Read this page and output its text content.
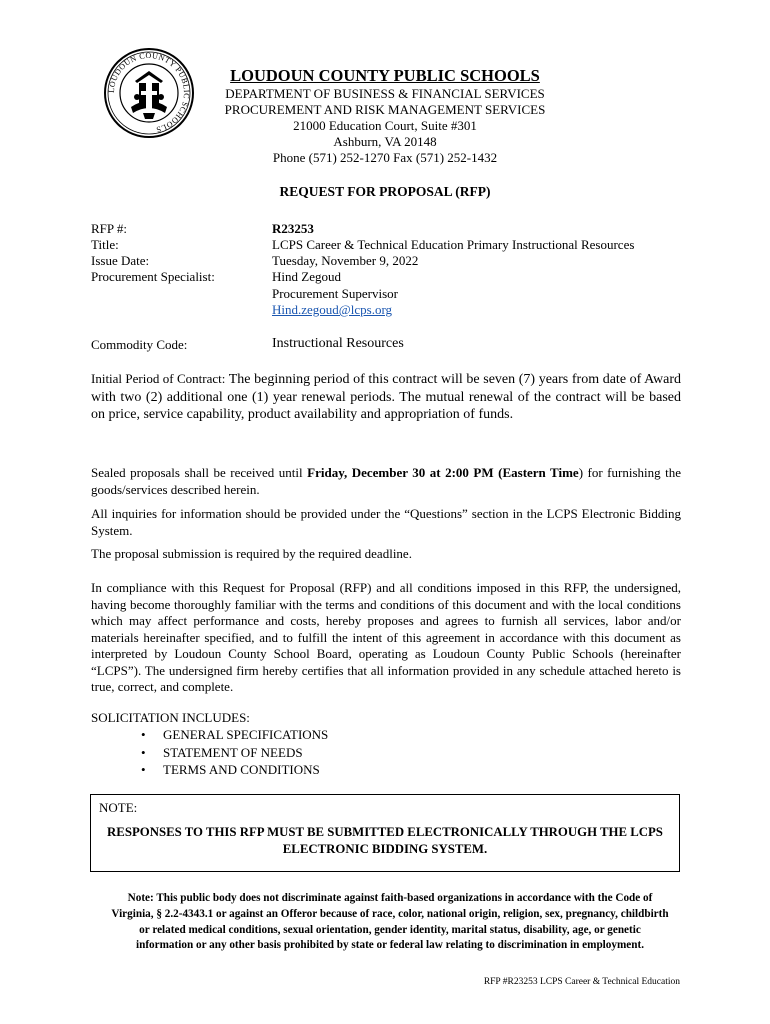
LOUDOUN COUNTY PUBLIC SCHOOLS
LOUDOUN COUNTY PUBLIC SCHOOLS
DEPARTMENT OF BUSINESS & FINANCIAL SERVICES
PROCUREMENT AND RISK MANAGEMENT SERVICES
21000 Education Court, Suite #301
Ashburn, VA 20148
Phone (571) 252-1270 Fax (571) 252-1432
REQUEST FOR PROPOSAL (RFP)
RFP #:	R23253
Title:	LCPS Career & Technical Education Primary Instructional Resources
Issue Date:	Tuesday, November 9, 2022
Procurement Specialist:	Hind Zegoud
Procurement Supervisor
Hind.zegoud@lcps.org
Commodity Code:	Instructional Resources
Initial Period of Contract: The beginning period of this contract will be seven (7) years from date of Award with two (2) additional one (1) year renewal periods. The mutual renewal of the contract will be based on price, service capability, product availability and appropriation of funds.
Sealed proposals shall be received until Friday, December 30 at 2:00 PM (Eastern Time) for furnishing the goods/services described herein.
All inquiries for information should be provided under the “Questions” section in the LCPS Electronic Bidding System.
The proposal submission is required by the required deadline.
In compliance with this Request for Proposal (RFP) and all conditions imposed in this RFP, the undersigned, having become thoroughly familiar with the terms and conditions of this document and with the local conditions which may affect performance and costs, hereby proposes and agrees to furnish all services, labor and/or materials hereinafter specified, and to fulfill the intent of this agreement in accordance with this document as interpreted by Loudoun County School Board, operating as Loudoun County Public Schools (hereinafter “LCPS”). The undersigned firm hereby certifies that all information provided in any schedule attached hereto is true, correct, and complete.
SOLICITATION INCLUDES:
• GENERAL SPECIFICATIONS
• STATEMENT OF NEEDS
• TERMS AND CONDITIONS
NOTE:
RESPONSES TO THIS RFP MUST BE SUBMITTED ELECTRONICALLY THROUGH THE LCPS ELECTRONIC BIDDING SYSTEM.
Note: This public body does not discriminate against faith-based organizations in accordance with the Code of Virginia, § 2.2-4343.1 or against an Offeror because of race, color, national origin, religion, sex, pregnancy, childbirth or related medical conditions, sexual orientation, gender identity, marital status, disability, age, or genetic information or any other basis prohibited by state or federal law relating to discrimination in employment.
RFP #R23253 LCPS Career & Technical Education
